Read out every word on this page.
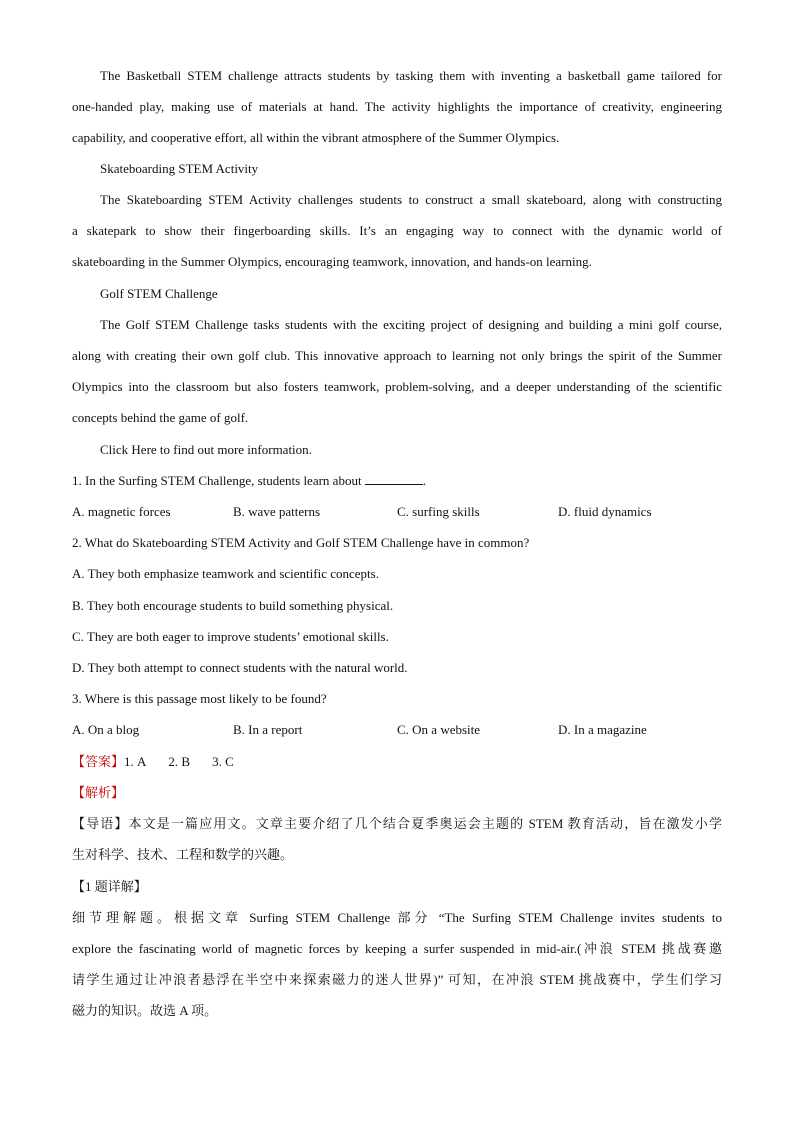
The Basketball STEM challenge attracts students by tasking them with inventing a basketball game tailored for
one-handed play, making use of materials at hand. The activity highlights the importance of creativity, engineering
capability, and cooperative effort, all within the vibrant atmosphere of the Summer Olympics.
Skateboarding STEM Activity
The Skateboarding STEM Activity challenges students to construct a small skateboard, along with constructing
a skatepark to show their fingerboarding skills. It’s an engaging way to connect with the dynamic world of
skateboarding in the Summer Olympics, encouraging teamwork, innovation, and hands-on learning.
Golf STEM Challenge
The Golf STEM Challenge tasks students with the exciting project of designing and building a mini golf course,
along with creating their own golf club. This innovative approach to learning not only brings the spirit of the Summer
Olympics into the classroom but also fosters teamwork, problem-solving, and a deeper understanding of the scientific
concepts behind the game of golf.
Click Here to find out more information.
1. In the Surfing STEM Challenge, students learn about	.
A. magnetic forces	B. wave patterns	C. surfing skills	D. fluid dynamics
2. What do Skateboarding STEM Activity and Golf STEM Challenge have in common?
A. They both emphasize teamwork and scientific concepts.
B. They both encourage students to build something physical.
C. They are both eager to improve students’ emotional skills.
D. They both attempt to connect students with the natural world.
3. Where is this passage most likely to be found?
A. On a blog	B. In a report	C. On a website	D. In a magazine
【答案】1. A 2. B 3. C
【解析】
【导语】本文是一篇应用文。文章主要介绍了几个结合夏季奥运会主题的 STEM 教育活动，旨在激发小学
生对科学、技术、工程和数学的兴趣。
【1 题详解】
细节理解题。根据文章 Surfing STEM Challenge 部分 “The Surfing STEM Challenge invites students to
explore the fascinating world of magnetic forces by keeping a surfer suspended in mid-air.(冲浪 STEM 挑战赛邀
请学生通过让冲浪者悬浮在半空中来探索磁力的迷人世界)” 可知，在冲浪 STEM 挑战赛中，学生们学习
磁力的知识。故选 A 项。
